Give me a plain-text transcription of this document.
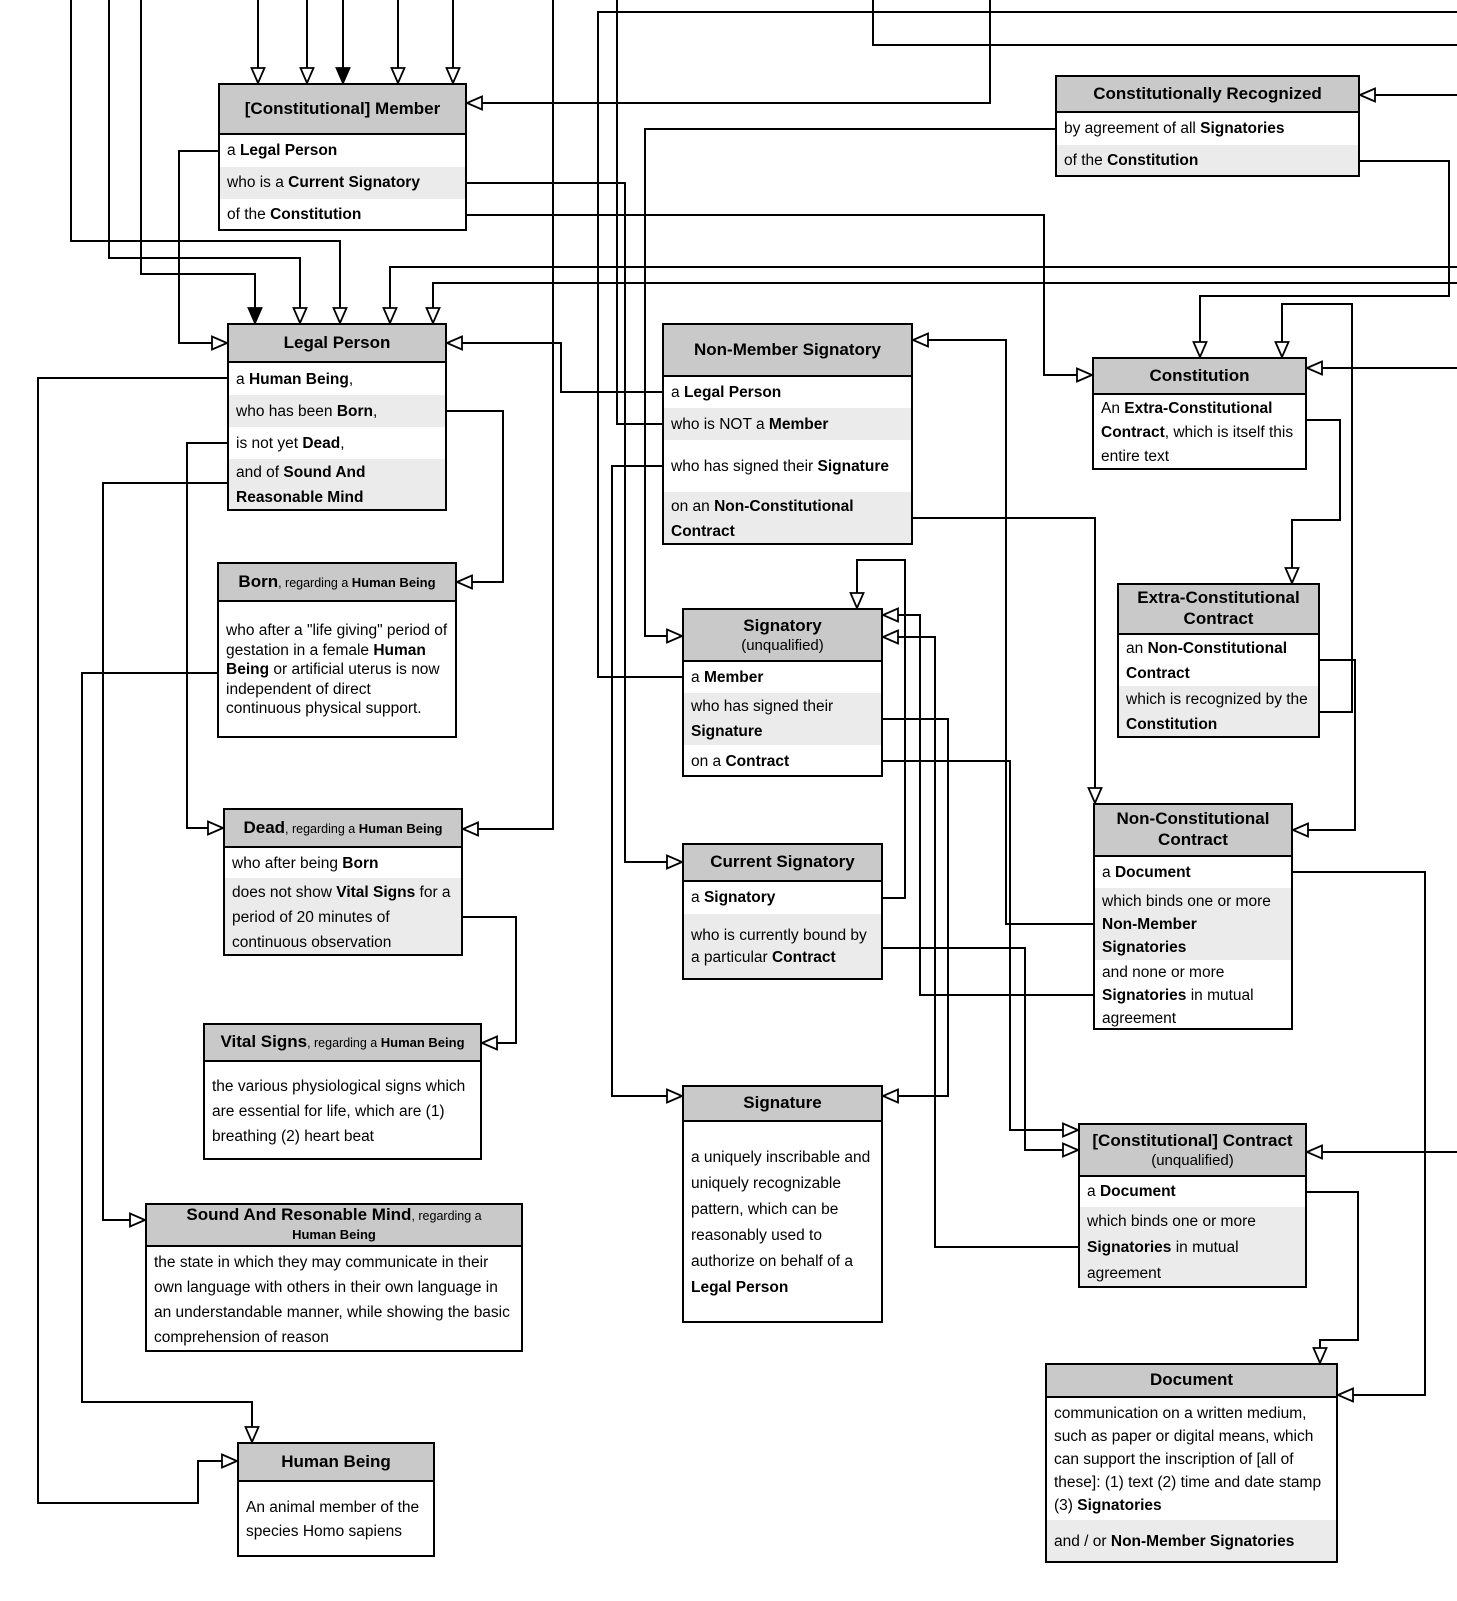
[Constitutional] Member
a Legal Person
who is a Current Signatory
of the Constitution
Constitutionally Recognized
by agreement of all Signatories
of the Constitution
Legal Person
a Human Being,
who has been Born,
is not yet Dead,
and of Sound And Reasonable Mind
Non-Member Signatory
a Legal Person
who is NOT a Member
who has signed their Signature
on an Non-Constitutional Contract
Constitution
An Extra-Constitutional Contract, which is itself this entire text
Born, regarding a Human Being
who after a "life giving" period of gestation in a female Human Being or artificial uterus is now independent of direct continuous physical support.
Extra-Constitutional Contract
an Non-Constitutional Contract
which is recognized by the Constitution
Signatory
(unqualified)
a Member
who has signed their Signature
on a Contract
Dead, regarding a Human Being
who after being Born
does not show Vital Signs for a period of 20 minutes of continuous observation
Non-Constitutional Contract
a Document
which binds one or more Non-Member Signatories
and none or more Signatories in mutual agreement
Current Signatory
a Signatory
who is currently bound by a particular Contract
Vital Signs, regarding a Human Being
the various physiological signs which are essential for life, which are (1) breathing (2) heart beat
Signature
a uniquely inscribable and uniquely recognizable pattern, which can be reasonably used to authorize on behalf of a Legal Person
[Constitutional] Contract
(unqualified)
a Document
which binds one or more Signatories in mutual agreement
Sound And Resonable Mind, regarding a
Human Being
the state in which they may communicate in their own language with others in their own language in an understandable manner, while showing the basic comprehension of reason
Human Being
An animal member of the species Homo sapiens
Document
communication on a written medium, such as paper or digital means, which can support the inscription of [all of these]: (1) text (2) time and date stamp (3) Signatories
and / or Non-Member Signatories
